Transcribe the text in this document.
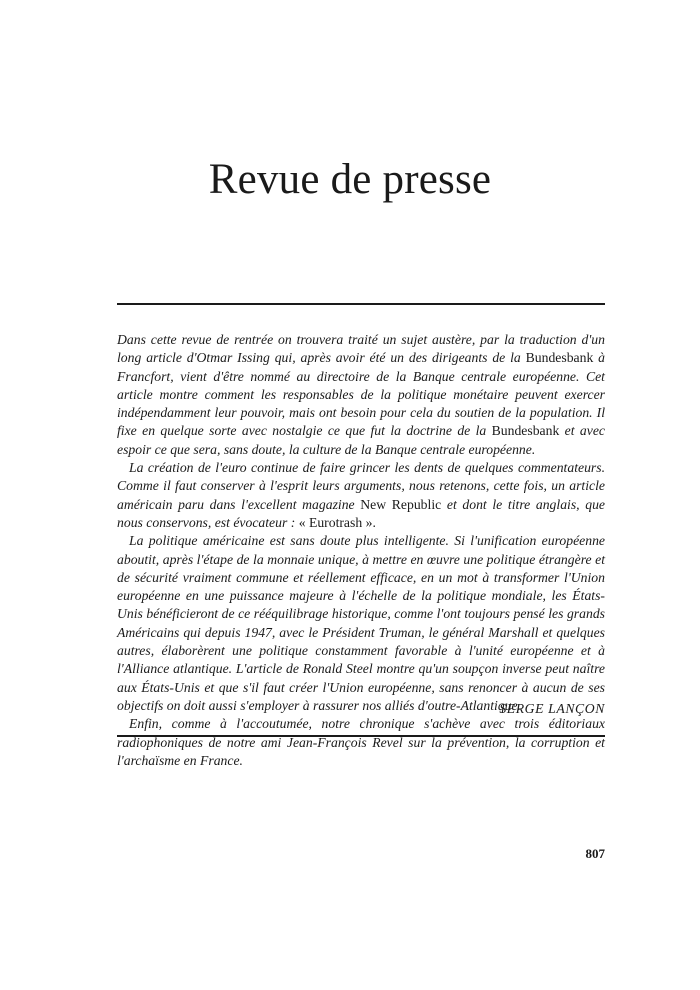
Revue de presse

Dans cette revue de rentrée on trouvera traité un sujet austère, par la traduction d'un long article d'Otmar Issing qui, après avoir été un des dirigeants de la Bundesbank à Francfort, vient d'être nommé au directoire de la Banque centrale européenne. Cet article montre comment les responsables de la politique monétaire peuvent exercer indépendamment leur pouvoir, mais ont besoin pour cela du soutien de la population. Il fixe en quelque sorte avec nostalgie ce que fut la doctrine de la Bundesbank et avec espoir ce que sera, sans doute, la culture de la Banque centrale européenne.

La création de l'euro continue de faire grincer les dents de quelques commentateurs. Comme il faut conserver à l'esprit leurs arguments, nous retenons, cette fois, un article américain paru dans l'excellent magazine New Republic et dont le titre anglais, que nous conservons, est évocateur : « Eurotrash ».

La politique américaine est sans doute plus intelligente. Si l'unification européenne aboutit, après l'étape de la monnaie unique, à mettre en œuvre une politique étrangère et de sécurité vraiment commune et réellement efficace, en un mot à transformer l'Union européenne en une puissance majeure à l'échelle de la politique mondiale, les États-Unis bénéficieront de ce rééquilibrage historique, comme l'ont toujours pensé les grands Américains qui depuis 1947, avec le Président Truman, le général Marshall et quelques autres, élaborèrent une politique constamment favorable à l'unité européenne et à l'Alliance atlantique. L'article de Ronald Steel montre qu'un soupçon inverse peut naître aux États-Unis et que s'il faut créer l'Union européenne, sans renoncer à aucun de ses objectifs on doit aussi s'employer à rassurer nos alliés d'outre-Atlantique.

Enfin, comme à l'accoutumée, notre chronique s'achève avec trois éditoriaux radiophoniques de notre ami Jean-François Revel sur la prévention, la corruption et l'archaïsme en France.

SERGE LANÇON
807
